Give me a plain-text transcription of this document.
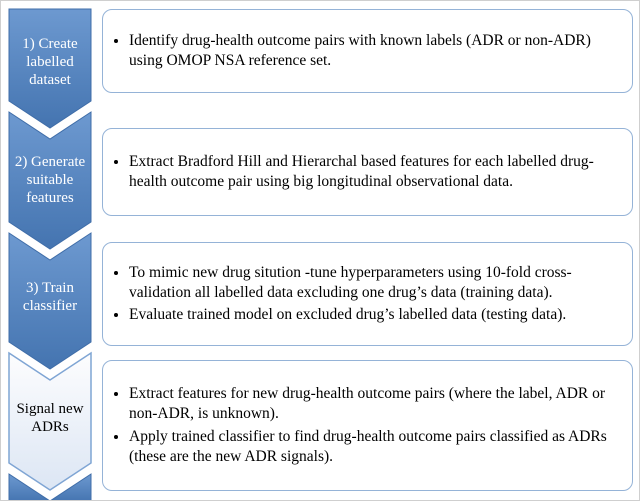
1) Create labelled dataset
2) Generate suitable features
3) Train classifier
Signal new ADRs
• Identify drug-health outcome pairs with known labels (ADR or non-ADR) using OMOP NSA reference set.
• Extract Bradford Hill and Hierarchal based features for each labelled drug-health outcome pair using big longitudinal observational data.
• To mimic new drug sitution -tune hyperparameters using 10-fold cross-validation all labelled data excluding one drug’s data (training data).
• Evaluate trained model on excluded drug’s labelled data (testing data).
• Extract features for new drug-health outcome pairs (where the label, ADR or non-ADR, is unknown).
• Apply trained classifier to find drug-health outcome pairs classified as ADRs (these are the new ADR signals).
